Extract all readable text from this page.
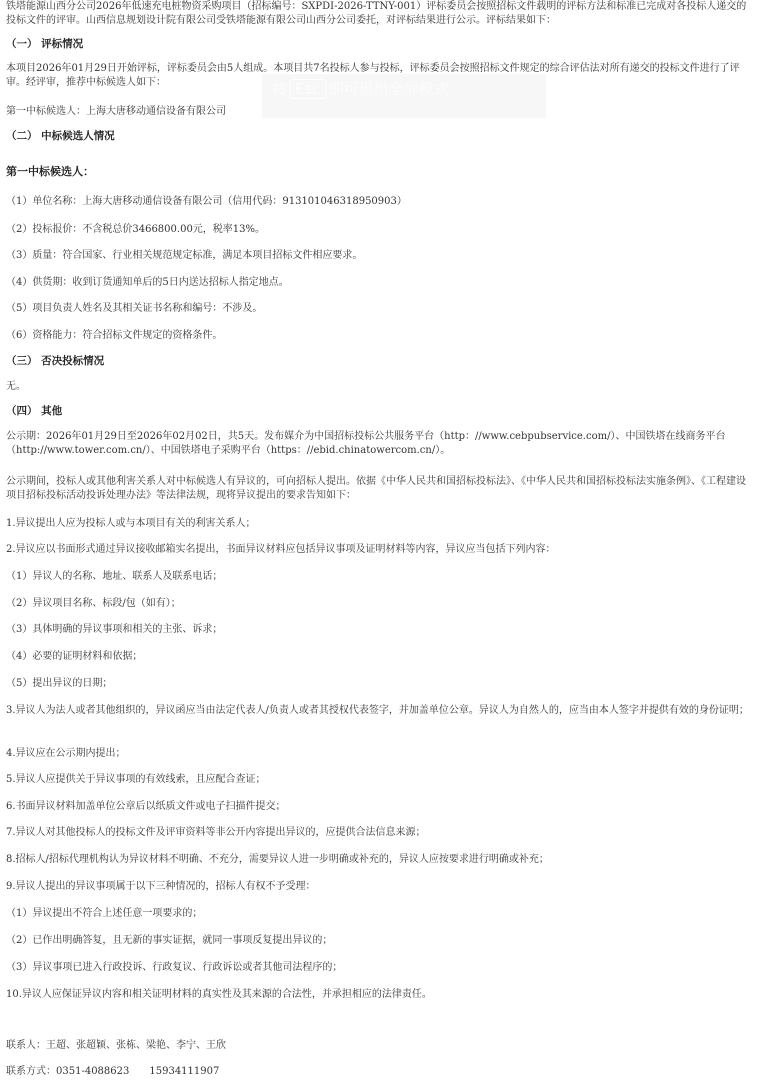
铁塔能源山西分公司2026年低速充电桩物资采购项目（招标编号：SXPDI-2026-TTNY-001）评标委员会按照招标文件载明的评标方法和标准已完成对各投标人递交的投标文件的评审。山西信息规划设计院有限公司受铁塔能源有限公司山西分公司委托，对评标结果进行公示。评标结果如下：
（一） 评标情况
本项目2026年01月29日开始评标，评标委员会由5人组成。本项目共7名投标人参与投标，评标委员会按照招标文件规定的综合评估法对所有递交的投标文件进行了评审。经评审，推荐中标候选人如下：
第一中标候选人：上海大唐移动通信设备有限公司
（二） 中标候选人情况
第一中标候选人：
（1）单位名称：上海大唐移动通信设备有限公司（信用代码：913101046318950903）
（2）投标报价：不含税总价3466800.00元，税率13%。
（3）质量：符合国家、行业相关规范规定标准，满足本项目招标文件相应要求。
（4）供货期：收到订货通知单后的5日内送达招标人指定地点。
（5）项目负责人姓名及其相关证书名称和编号：不涉及。
（6）资格能力：符合招标文件规定的资格条件。
（三） 否决投标情况
无。
（四） 其他
公示期：2026年01月29日至2026年02月02日，共5天。发布媒介为中国招标投标公共服务平台（http：//www.cebpubservice.com/）、中国铁塔在线商务平台（http://www.tower.com.cn/）、中国铁塔电子采购平台（https：//ebid.chinatowercom.cn/）。
公示期间，投标人或其他利害关系人对中标候选人有异议的，可向招标人提出。依据《中华人民共和国招标投标法》、《中华人民共和国招标投标法实施条例》、《工程建设项目招标投标活动投诉处理办法》等法律法规，现将异议提出的要求告知如下：
1.异议提出人应为投标人或与本项目有关的利害关系人；
2.异议应以书面形式通过异议接收邮箱实名提出，书面异议材料应包括异议事项及证明材料等内容，异议应当包括下列内容：
（1）异议人的名称、地址、联系人及联系电话；
（2）异议项目名称、标段/包（如有）；
（3）具体明确的异议事项和相关的主张、诉求；
（4）必要的证明材料和依据；
（5）提出异议的日期；
3.异议人为法人或者其他组织的，异议函应当由法定代表人/负责人或者其授权代表签字，并加盖单位公章。异议人为自然人的，应当由本人签字并提供有效的身份证明；
4.异议应在公示期内提出；
5.异议人应提供关于异议事项的有效线索，且应配合查证；
6.书面异议材料加盖单位公章后以纸质文件或电子扫描件提交；
7.异议人对其他投标人的投标文件及评审资料等非公开内容提出异议的，应提供合法信息来源；
8.招标人/招标代理机构认为异议材料不明确、不充分，需要异议人进一步明确或补充的，异议人应按要求进行明确或补充；
9.异议人提出的异议事项属于以下三种情况的，招标人有权不予受理：
（1）异议提出不符合上述任意一项要求的；
（2）已作出明确答复，且无新的事实证据，就同一事项反复提出异议的；
（3）异议事项已进入行政投诉、行政复议、行政诉讼或者其他司法程序的；
10.异议人应保证异议内容和相关证明材料的真实性及其来源的合法性，并承担相应的法律责任。
联系人：王超、张超颖、张栋、梁艳、李宁、王欣
联系方式：0351-4088623　　15934111907
按 Esc 即可退出全屏模式
